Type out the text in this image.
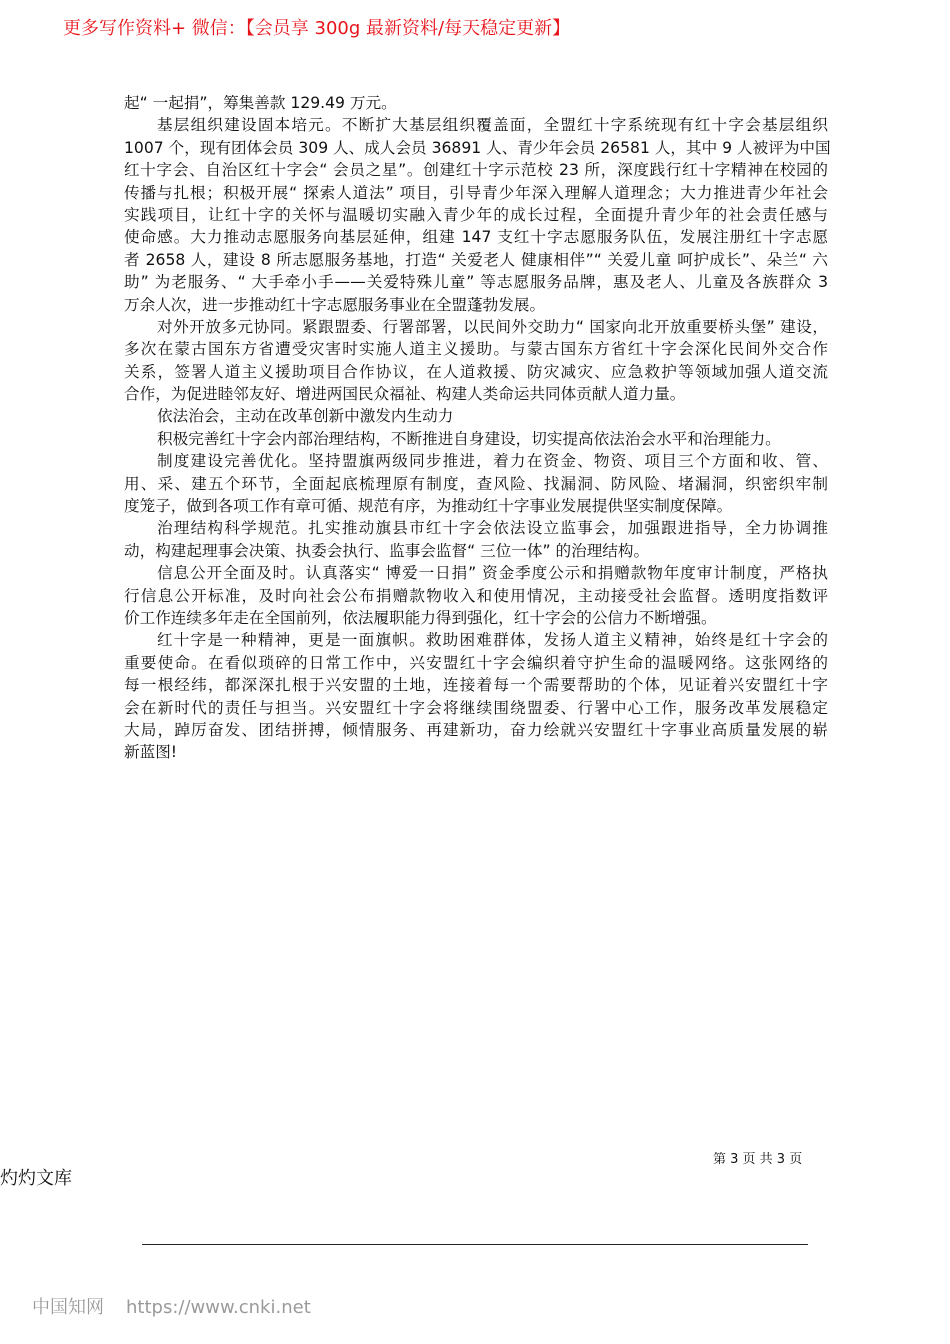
更多写作资料+ 微信：【会员享 300g 最新资料/每天稳定更新】
起“ 一起捐”，筹集善款 129.49 万元。
基层组织建设固本培元。不断扩大基层组织覆盖面，全盟红十字系统现有红十字会基层组织
1007 个，现有团体会员 309 人、成人会员 36891 人、青少年会员 26581 人，其中 9 人被评为中国
红十字会、自治区红十字会“ 会员之星”。创建红十字示范校 23 所，深度践行红十字精神在校园的
传播与扎根；积极开展“ 探索人道法” 项目，引导青少年深入理解人道理念；大力推进青少年社会
实践项目，让红十字的关怀与温暖切实融入青少年的成长过程，全面提升青少年的社会责任感与
使命感。大力推动志愿服务向基层延伸，组建 147 支红十字志愿服务队伍，发展注册红十字志愿
者 2658 人，建设 8 所志愿服务基地，打造“ 关爱老人 健康相伴”“ 关爱儿童 呵护成长”、朵兰“ 六
助” 为老服务、“ 大手牵小手——关爱特殊儿童” 等志愿服务品牌，惠及老人、儿童及各族群众 3
万余人次，进一步推动红十字志愿服务事业在全盟蓬勃发展。
对外开放多元协同。紧跟盟委、行署部署，以民间外交助力“ 国家向北开放重要桥头堡” 建设，
多次在蒙古国东方省遭受灾害时实施人道主义援助。与蒙古国东方省红十字会深化民间外交合作
关系，签署人道主义援助项目合作协议，在人道救援、防灾减灾、应急救护等领域加强人道交流
合作，为促进睦邻友好、增进两国民众福祉、构建人类命运共同体贡献人道力量。
依法治会，主动在改革创新中激发内生动力
积极完善红十字会内部治理结构，不断推进自身建设，切实提高依法治会水平和治理能力。
制度建设完善优化。坚持盟旗两级同步推进，着力在资金、物资、项目三个方面和收、管、
用、采、建五个环节，全面起底梳理原有制度，查风险、找漏洞、防风险、堵漏洞，织密织牢制
度笼子，做到各项工作有章可循、规范有序，为推动红十字事业发展提供坚实制度保障。
治理结构科学规范。扎实推动旗县市红十字会依法设立监事会，加强跟进指导，全力协调推
动，构建起理事会决策、执委会执行、监事会监督“ 三位一体” 的治理结构。
信息公开全面及时。认真落实“ 博爱一日捐” 资金季度公示和捐赠款物年度审计制度，严格执
行信息公开标准，及时向社会公布捐赠款物收入和使用情况，主动接受社会监督。透明度指数评
价工作连续多年走在全国前列，依法履职能力得到强化，红十字会的公信力不断增强。
红十字是一种精神，更是一面旗帜。救助困难群体，发扬人道主义精神，始终是红十字会的
重要使命。在看似琐碎的日常工作中，兴安盟红十字会编织着守护生命的温暖网络。这张网络的
每一根经纬，都深深扎根于兴安盟的土地，连接着每一个需要帮助的个体，见证着兴安盟红十字
会在新时代的责任与担当。兴安盟红十字会将继续围绕盟委、行署中心工作，服务改革发展稳定
大局，踔厉奋发、团结拼搏，倾情服务、再建新功，奋力绘就兴安盟红十字事业高质量发展的崭
新蓝图!
第 3 页 共 3 页
灼灼文库
中国知网 https://www.cnki.net
